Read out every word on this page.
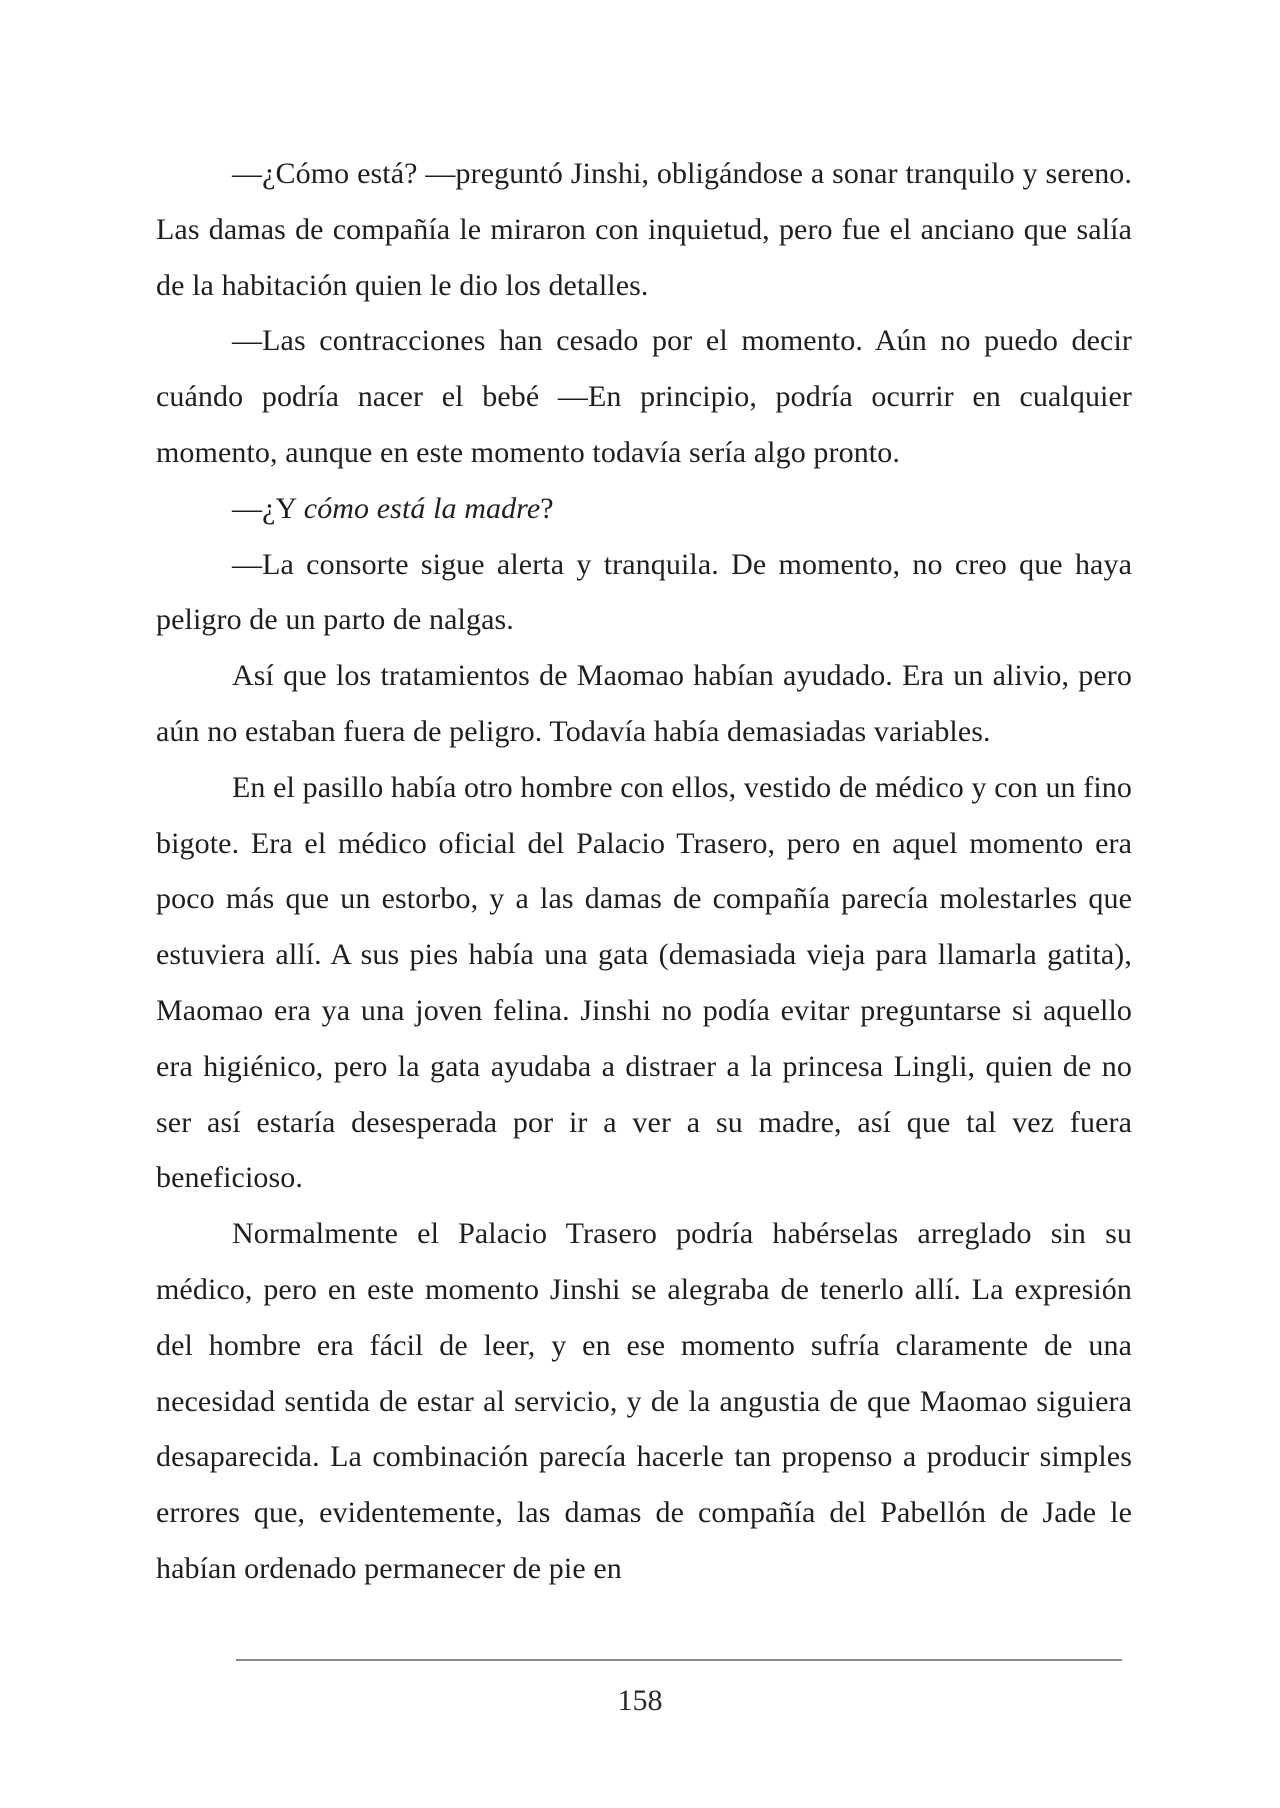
—¿Cómo está? —preguntó Jinshi, obligándose a sonar tranquilo y sereno. Las damas de compañía le miraron con inquietud, pero fue el anciano que salía de la habitación quien le dio los detalles.

—Las contracciones han cesado por el momento. Aún no puedo decir cuándo podría nacer el bebé —En principio, podría ocurrir en cualquier momento, aunque en este momento todavía sería algo pronto.

—¿Y cómo está la madre?

—La consorte sigue alerta y tranquila. De momento, no creo que haya peligro de un parto de nalgas.

Así que los tratamientos de Maomao habían ayudado. Era un alivio, pero aún no estaban fuera de peligro. Todavía había demasiadas variables.

En el pasillo había otro hombre con ellos, vestido de médico y con un fino bigote. Era el médico oficial del Palacio Trasero, pero en aquel momento era poco más que un estorbo, y a las damas de compañía parecía molestarles que estuviera allí. A sus pies había una gata (demasiada vieja para llamarla gatita), Maomao era ya una joven felina. Jinshi no podía evitar preguntarse si aquello era higiénico, pero la gata ayudaba a distraer a la princesa Lingli, quien de no ser así estaría desesperada por ir a ver a su madre, así que tal vez fuera beneficioso.

Normalmente el Palacio Trasero podría habérselas arreglado sin su médico, pero en este momento Jinshi se alegraba de tenerlo allí. La expresión del hombre era fácil de leer, y en ese momento sufría claramente de una necesidad sentida de estar al servicio, y de la angustia de que Maomao siguiera desaparecida. La combinación parecía hacerle tan propenso a producir simples errores que, evidentemente, las damas de compañía del Pabellón de Jade le habían ordenado permanecer de pie en

158
